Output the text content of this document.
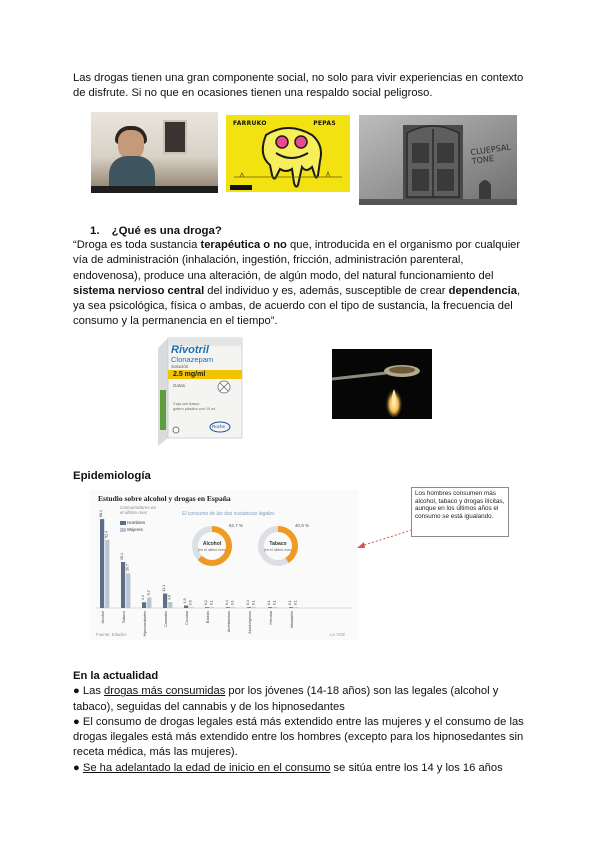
Las drogas tienen una gran componente social, no solo para vivir experiencias en contexto
de disfrute. Si no que en ocasiones tienen una respaldo social peligroso.
FARRUKO	PEPAS
CLUEPSAL TONE
1. ¿Qué es una droga?
“Droga es toda sustancia terapéutica o no que, introducida en el organismo por cualquier
vía de administración (inhalación, ingestión, fricción, administración parenteral,
endovenosa), produce una alteración, de algún modo, del natural funcionamiento del
sistema nervioso central del individuo y es, además, susceptible de crear dependencia,
ya sea psicológica, física o ambas, de acuerdo con el tipo de sustancia, la frecuencia del
consumo y la permanencia en el tiempo”.
Rivotril
Clonazepam
Solución
2.5 mg/ml
Gotas
Caja con frasco
gotero plástico con 10 ml
Roche
Epidemiología
Estudio sobre alcohol y drogas en España
Consumidores en el último mes	El consumo de las dos sustancias legales
Hombres
Mujeres
68,4
52,4
Alcohol
35,4
26,7
Tabaco
4,4
8,2
Hipnosedantes
11,1
4,6
Cannabis
1,9 0,5
Cocaína
0,2 0,1
Éxtasis
0,4 0,1
Anfetaminas
0,4 0,1
Alucinógenos
0,1 0,1
Heroína
0,1 0,1
Inhalables
Alcohol
(en el último mes)
62,7 %
Tabaco
(en el último mes)
40,9 %
Fuente: Edades	LA VOZ
Los hombres consumen más alcohol, tabaco y drogas ilícitas, aunque en los últimos años el consumo se está igualando.
En la actualidad
● Las drogas más consumidas por los jóvenes (14-18 años) son las legales (alcohol y
tabaco), seguidas del cannabis y de los hipnosedantes
● El consumo de drogas legales está más extendido entre las mujeres y el consumo de las
drogas ilegales está más extendido entre los hombres (excepto para los hipnosedantes sin
receta médica, más las mujeres).
● Se ha adelantado la edad de inicio en el consumo se sitúa entre los 14 y los 16 años
